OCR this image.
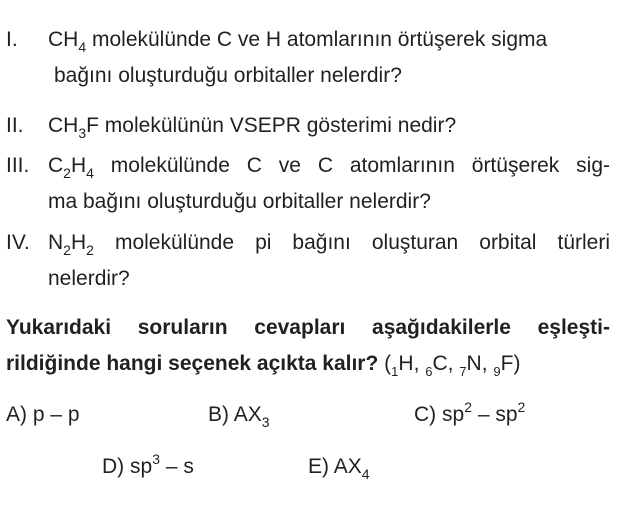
I. $CH_4$ molekülünde C ve H atomlarının örtüşerek sigma
bağını oluşturduğu orbitaller nelerdir?
II. $CH_3F$ molekülünün VSEPR gösterimi nedir?
III. $C_2H_4$ molekülünde C ve C atomlarının örtüşerek sig-
ma bağını oluşturduğu orbitaller nelerdir?
IV. $N_2H_2$ molekülünde pi bağını oluşturan orbital türleri
nelerdir?
Yukarıdaki soruların cevapları aşağıdakilerle eşleşti-
rildiğinde hangi seçenek açıkta kalır? ($_1H$, $_6$C, $_7$N, $_9$F)
A) p – p	B) $AX_3$	C) $sp^2 - sp^2$
D) $sp^3$ – s	E) $AX_4$
